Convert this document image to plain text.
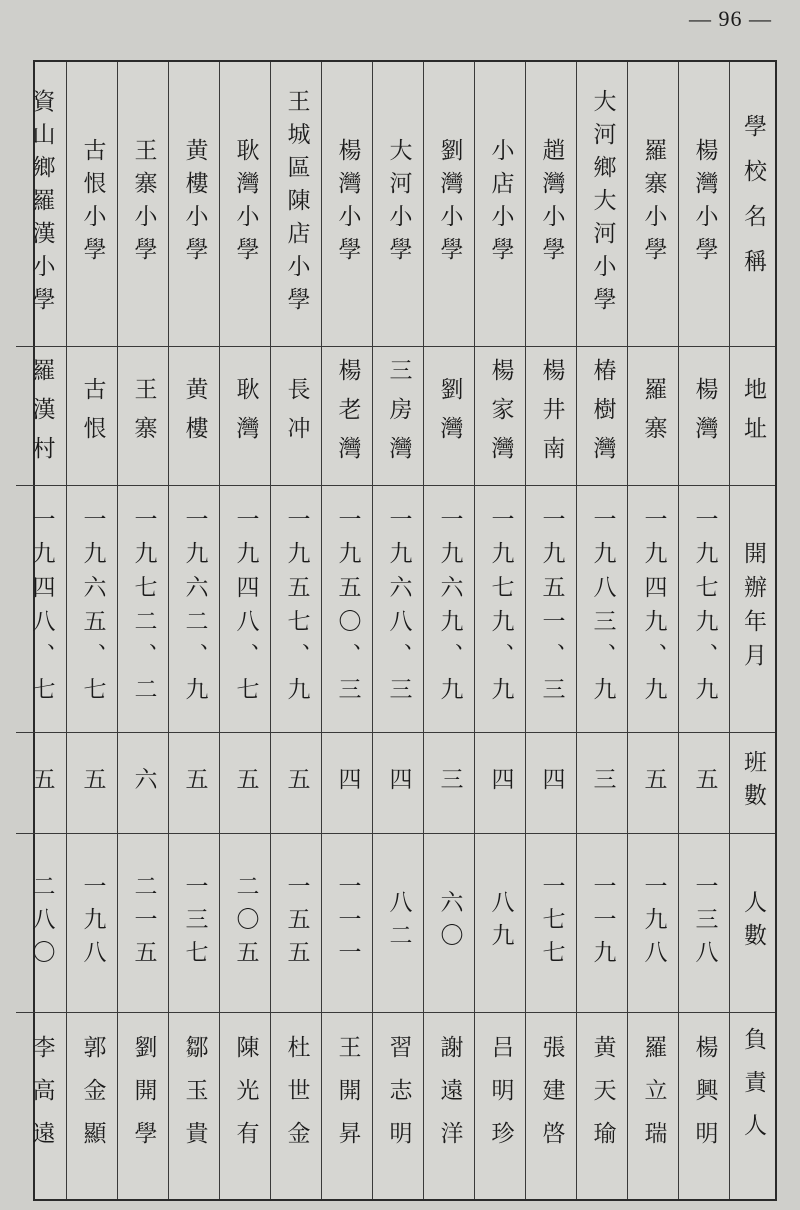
— 96 —
學校名稱
地址
開辦年月
班數
人數
負責人
楊灣小學
楊灣
一九七九、九
五
一三八
楊興明
羅寨小學
羅寨
一九四九、九
五
一九八
羅立瑞
大河鄉大河小學
椿樹灣
一九八三、九
三
一一九
黄天瑜
趙灣小學
楊井南
一九五一、三
四
一七七
張建啓
小店小學
楊家灣
一九七九、九
四
八九
吕明珍
劉灣小學
劉灣
一九六九、九
三
六〇
謝遠洋
大河小學
三房灣
一九六八、三
四
八二
習志明
楊灣小學
楊老灣
一九五〇、三
四
一一一
王開昇
王城區陳店小學
長冲
一九五七、九
五
一五五
杜世金
耿灣小學
耿灣
一九四八、七
五
二〇五
陳光有
黄樓小學
黄樓
一九六二、九
五
一三七
鄒玉貴
王寨小學
王寨
一九七二、二
六
二一五
劉開學
古恨小學
古恨
一九六五、七
五
一九八
郭金顯
資山鄉羅漢小學
羅漢村
一九四八、七
五
二八〇
李高遠
